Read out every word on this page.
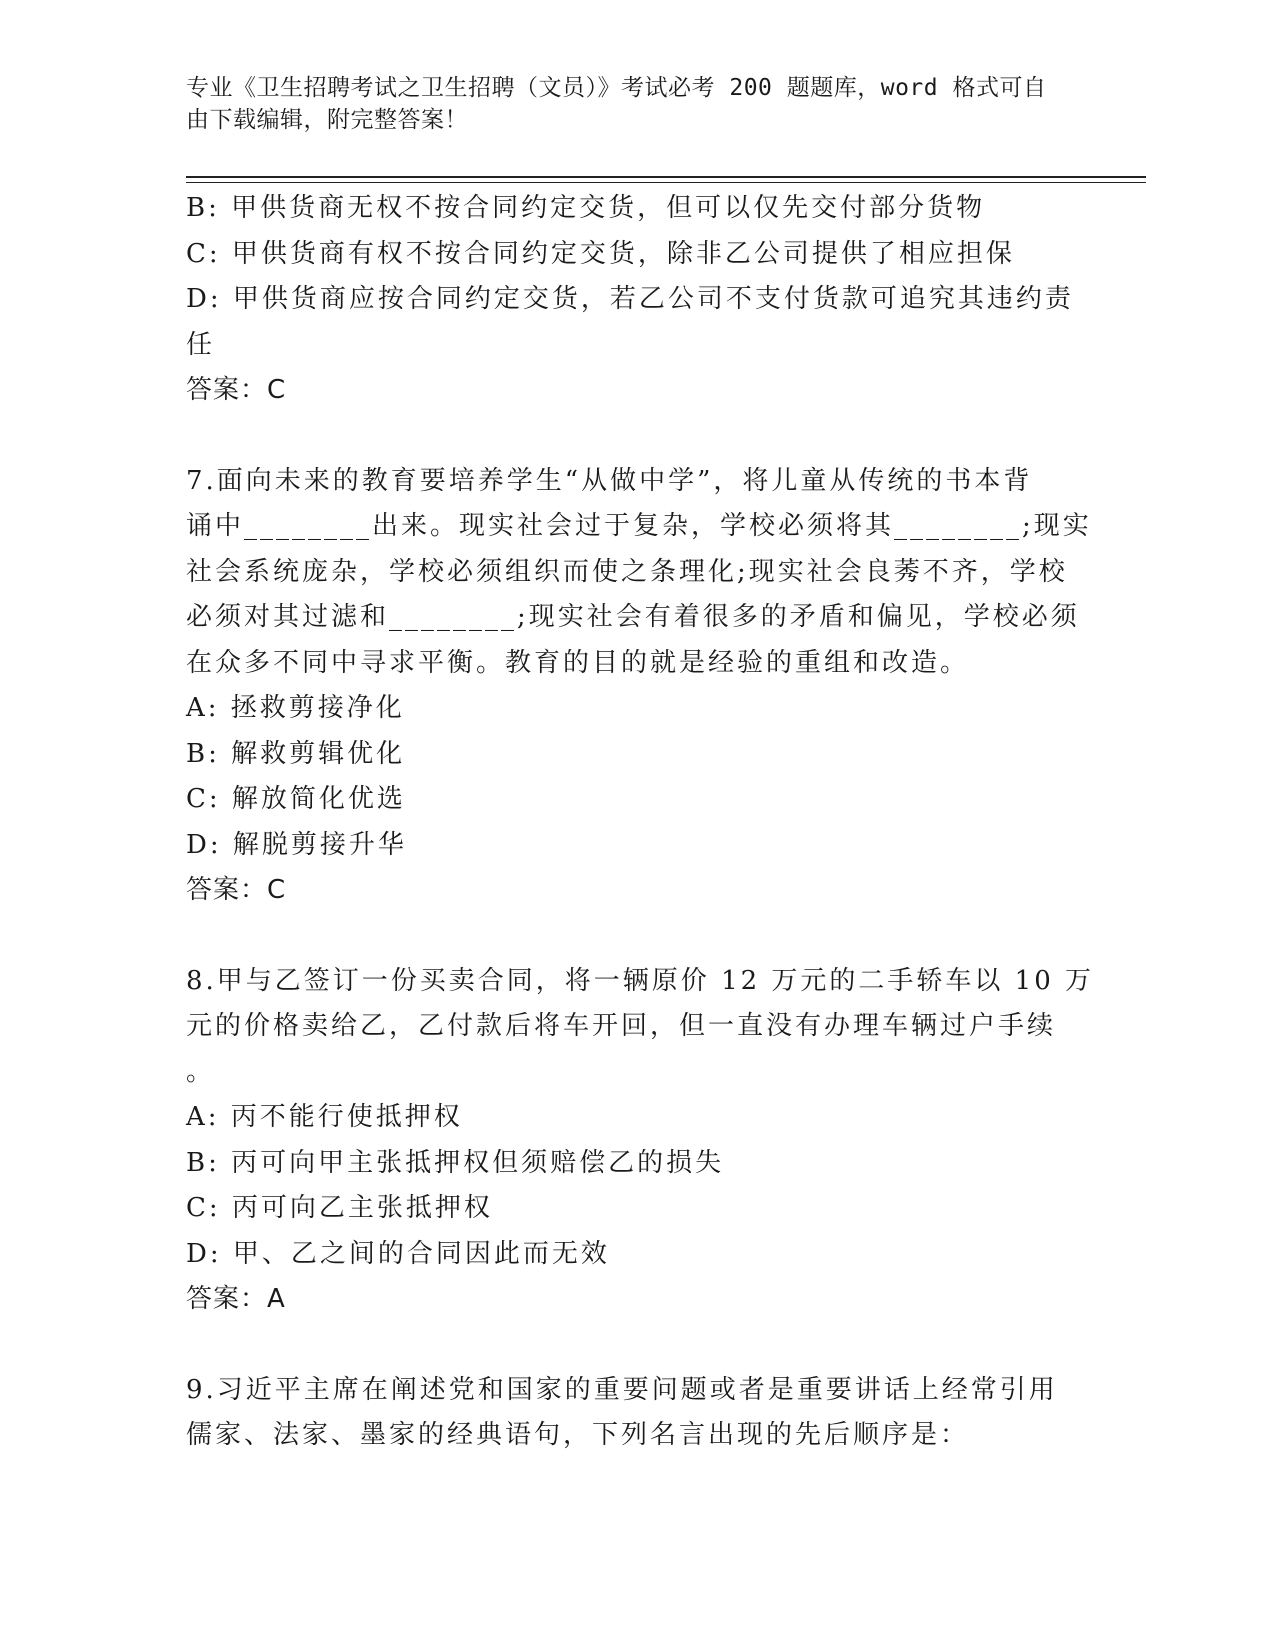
专业《卫生招聘考试之卫生招聘（文员）》考试必考 200 题题库，word 格式可自
由下载编辑，附完整答案！

B: 甲供货商无权不按合同约定交货，但可以仅先交付部分货物

C: 甲供货商有权不按合同约定交货，除非乙公司提供了相应担保

D: 甲供货商应按合同约定交货，若乙公司不支付货款可追究其违约责

任

答案：C

7.面向未来的教育要培养学生“从做中学”，将儿童从传统的书本背

诵中________出来。现实社会过于复杂，学校必须将其________;现实

社会系统庞杂，学校必须组织而使之条理化;现实社会良莠不齐，学校

必须对其过滤和________;现实社会有着很多的矛盾和偏见，学校必须

在众多不同中寻求平衡。教育的目的就是经验的重组和改造。

A: 拯救剪接净化

B: 解救剪辑优化

C: 解放简化优选

D: 解脱剪接升华

答案：C

8.甲与乙签订一份买卖合同，将一辆原价 12 万元的二手轿车以 10 万

元的价格卖给乙，乙付款后将车开回，但一直没有办理车辆过户手续

。

A: 丙不能行使抵押权

B: 丙可向甲主张抵押权但须赔偿乙的损失

C: 丙可向乙主张抵押权

D: 甲、乙之间的合同因此而无效

答案：A

9.习近平主席在阐述党和国家的重要问题或者是重要讲话上经常引用

儒家、法家、墨家的经典语句，下列名言出现的先后顺序是：
